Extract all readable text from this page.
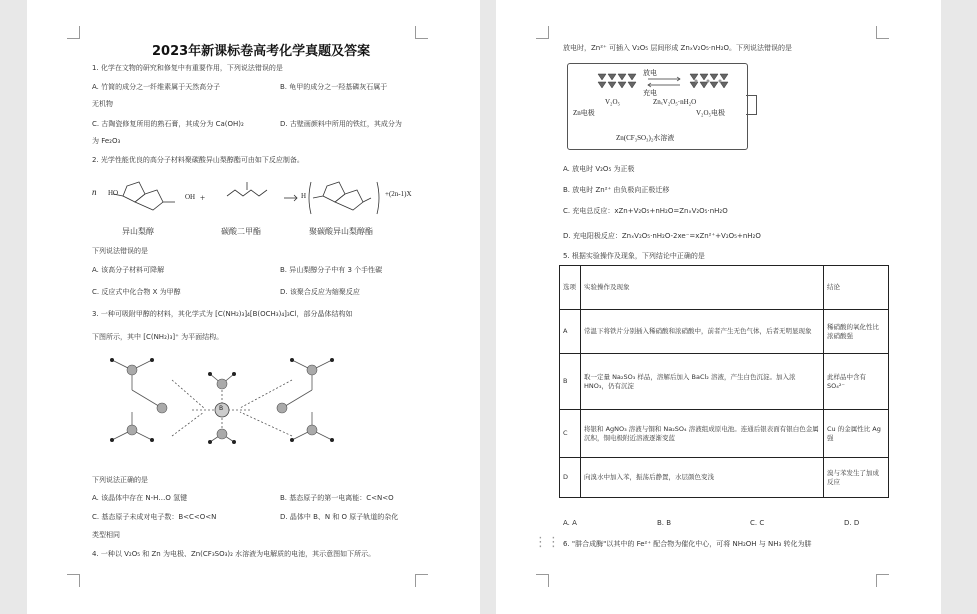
2023年新课标卷高考化学真题及答案
1. 化学在文物的研究和修复中有重要作用，下列说法错误的是
A. 竹简的成分之一纤维素属于天然高分子	B. 龟甲的成分之一羟基磷灰石属于
无机物
C. 古陶瓷修复所用的熟石膏，其成分为 Ca(OH)₂	D. 古壁画颜料中所用的铁红，其成分为
为 Fe₂O₃
2. 光学性能优良的高分子材料聚碳酸异山梨醇酯可由如下反应制备。
n HO	OH +	H	+(2n-1)X
异山梨醇	碳酸二甲酯	聚碳酸异山梨醇酯
下列说法错误的是
A. 该高分子材料可降解	B. 异山梨醇分子中有 3 个手性碳
C. 反应式中化合物 X 为甲醇	D. 该聚合反应为缩聚反应
3. 一种可吸附甲醇的材料，其化学式为 [C(NH₂)₃]₄[B(OCH₃)₄]₃Cl，部分晶体结构如
下图所示，其中 [C(NH₂)₃]⁺ 为平面结构。
B
下列说法正确的是
A. 该晶体中存在 N-H…O 氢键	B. 基态原子的第一电离能：C<N<O
C. 基态原子未成对电子数：B<C<O<N	D. 晶体中 B、N 和 O 原子轨道的杂化
类型相同
4. 一种以 V₂O₅ 和 Zn 为电极、Zn(CF₃SO₃)₂ 水溶液为电解质的电池，其示意图如下所示。
放电时，Zn²⁺ 可插入 V₂O₅ 层间形成 ZnₓV₂O₅·nH₂O。下列说法错误的是
放电
充电
V₂O₅	ZnₓV₂O₅·nH₂O
Zn电极	V₂O₅电极
Zn(CF₃SO₃)₂水溶液
A. 放电时 V₂O₅ 为正极
B. 放电时 Zn²⁺ 由负极向正极迁移
C. 充电总反应：xZn+V₂O₅+nH₂O=ZnₓV₂O₅·nH₂O
D. 充电阳极反应：ZnₓV₂O₅·nH₂O-2xe⁻=xZn²⁺+V₂O₅+nH₂O
5. 根据实验操作及现象，下列结论中正确的是
选项	实验操作及现象	结论
A	常温下将铁片分别插入稀硝酸和浓硝酸中，前者产生无色气体，后者无明显现象	稀硝酸的氧化性比浓硝酸强
B	取一定量 Na₂SO₃ 样品，溶解后加入 BaCl₂ 溶液，产生白色沉淀。加入浓 HNO₃，仍有沉淀	此样品中含有 SO₄²⁻
C	将银和 AgNO₃ 溶液与铜和 Na₂SO₄ 溶液组成原电池。连通后银表面有银白色金属沉积，铜电极附近溶液逐渐变蓝	Cu 的金属性比 Ag 强
D	向溴水中加入苯，振荡后静置，水层颜色变浅	溴与苯发生了加成反应
A. A	B. B	C. C	D. D
⋮⋮ 6. "肼合成酶"以其中的 Fe²⁺ 配合物为催化中心，可将 NH₂OH 与 NH₃ 转化为肼
